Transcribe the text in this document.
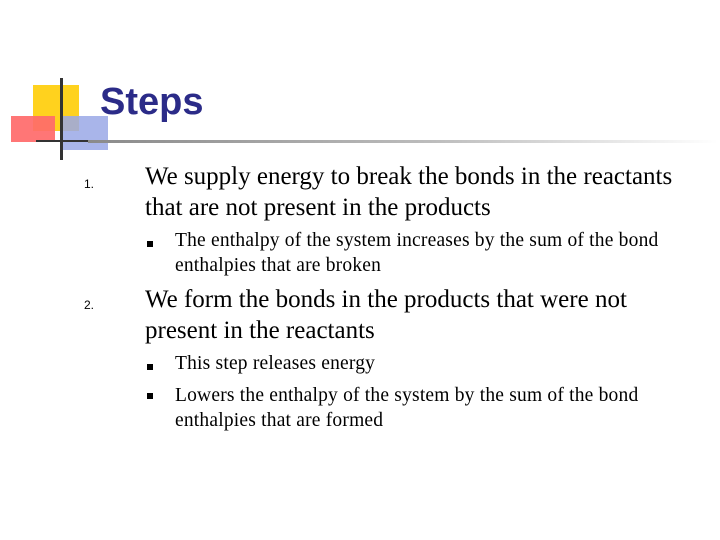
Steps
1. We supply energy to break the bonds in the reactants that are not present in the products
The enthalpy of the system increases by the sum of the bond enthalpies that are broken
2. We form the bonds in the products that were not present in the reactants
This step releases energy
Lowers the enthalpy of the system by the sum of the bond enthalpies that are formed
